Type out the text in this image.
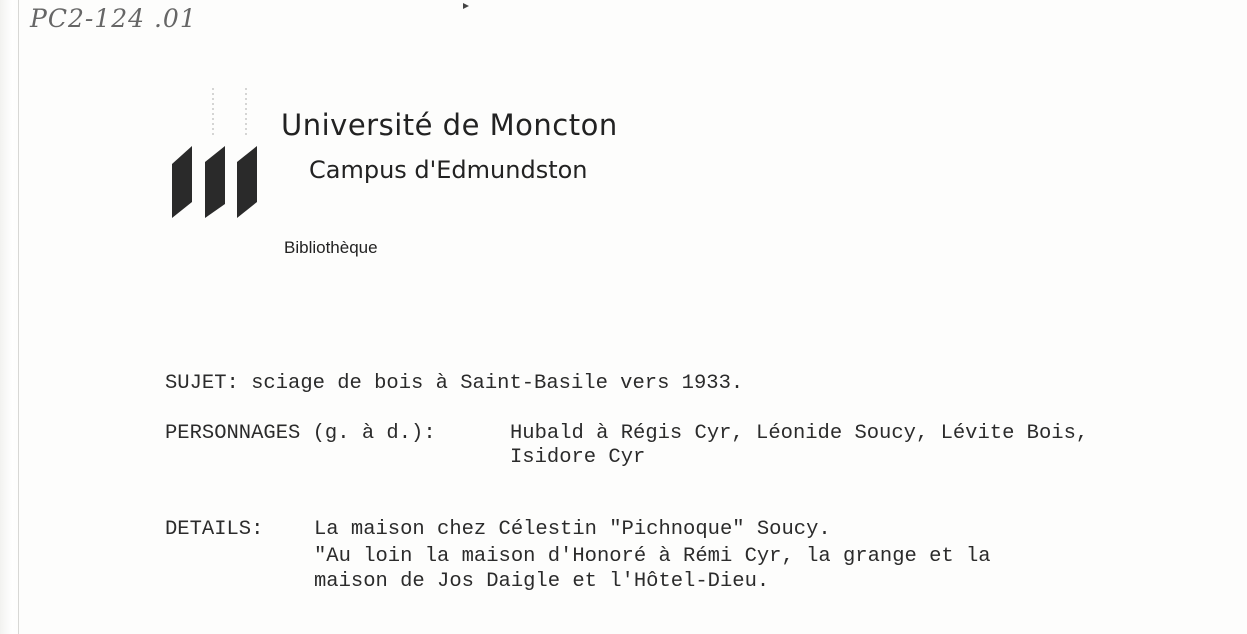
PC2-124 .01
Université de Moncton
Campus d'Edmundston
Bibliothèque
SUJET: sciage de bois à Saint-Basile vers 1933.
PERSONNAGES (g. à d.):	Hubald à Régis Cyr, Léonide Soucy, Lévite Bois,
Isidore Cyr
DETAILS: La maison chez Célestin "Pichnoque" Soucy.
"Au loin la maison d'Honoré à Rémi Cyr, la grange et la
maison de Jos Daigle et l'Hôtel-Dieu.
